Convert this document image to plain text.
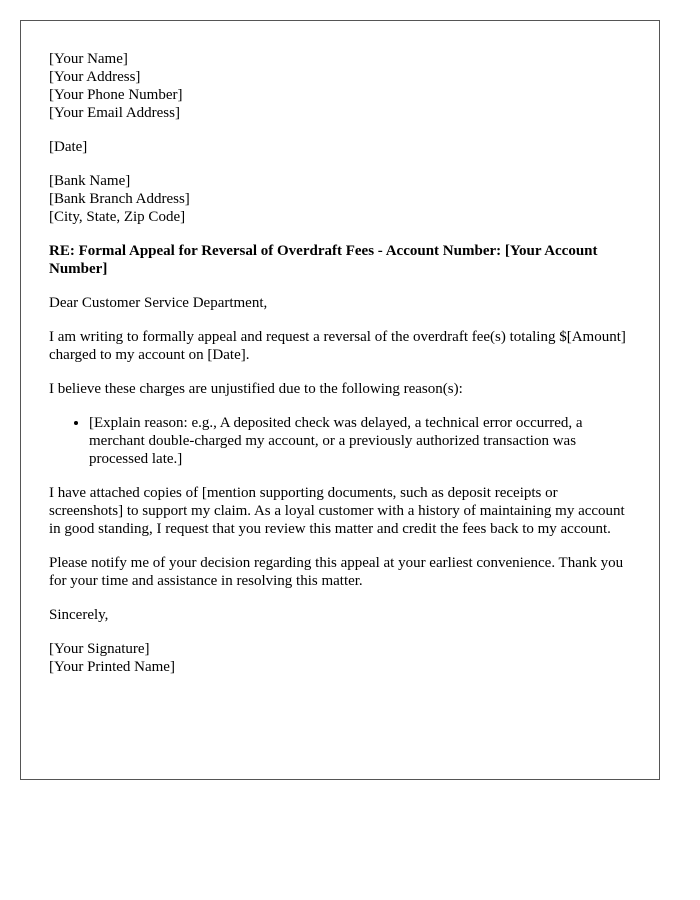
[Your Name]
[Your Address]
[Your Phone Number]
[Your Email Address]
[Date]
[Bank Name]
[Bank Branch Address]
[City, State, Zip Code]

RE: Formal Appeal for Reversal of Overdraft Fees - Account Number: [Your Account Number]

Dear Customer Service Department,

I am writing to formally appeal and request a reversal of the overdraft fee(s) totaling $[Amount] charged to my account on [Date].

I believe these charges are unjustified due to the following reason(s):

• [Explain reason: e.g., A deposited check was delayed, a technical error occurred, a merchant double-charged my account, or a previously authorized transaction was processed late.]

I have attached copies of [mention supporting documents, such as deposit receipts or screenshots] to support my claim. As a loyal customer with a history of maintaining my account in good standing, I request that you review this matter and credit the fees back to my account.

Please notify me of your decision regarding this appeal at your earliest convenience. Thank you for your time and assistance in resolving this matter.

Sincerely,

[Your Signature]
[Your Printed Name]
